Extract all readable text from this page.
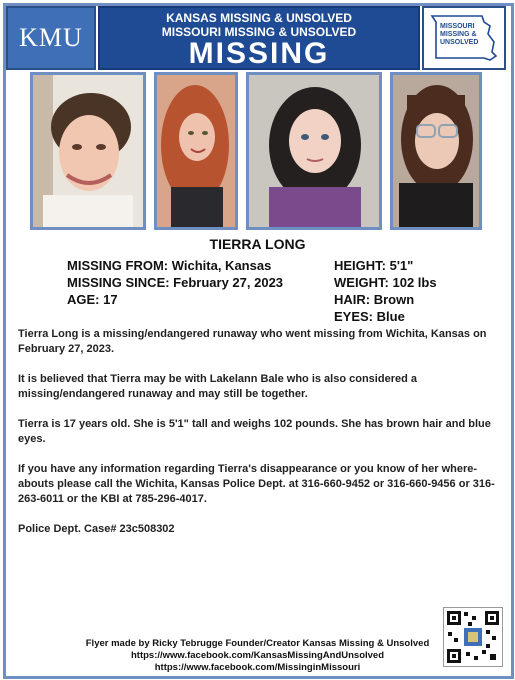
KMU
KANSAS MISSING & UNSOLVED
MISSOURI MISSING & UNSOLVED
MISSING
MISSOURI
MISSING &
UNSOLVED
TIERRA LONG
MISSING FROM: Wichita, Kansas
MISSING SINCE: February 27, 2023
AGE: 17
HEIGHT: 5'1"
WEIGHT: 102 lbs
HAIR: Brown
EYES: Blue

Tierra Long is a missing/endangered runaway who went missing from Wichita, Kansas on February 27, 2023.

It is believed that Tierra may be with Lakelann Bale who is also considered a missing/endangered runaway and may still be together.

Tierra is 17 years old. She is 5'1" tall and weighs 102 pounds. She has brown hair and blue eyes.

If you have any information regarding Tierra's disappearance or you know of her where-abouts please call the Wichita, Kansas Police Dept. at 316-660-9452 or 316-660-9456 or 316-263-6011 or the KBI at 785-296-4017.

Police Dept. Case# 23c508302

Flyer made by Ricky Tebrugge Founder/Creator Kansas Missing & Unsolved
https://www.facebook.com/KansasMissingAndUnsolved
https://www.facebook.com/MissinginMissouri
